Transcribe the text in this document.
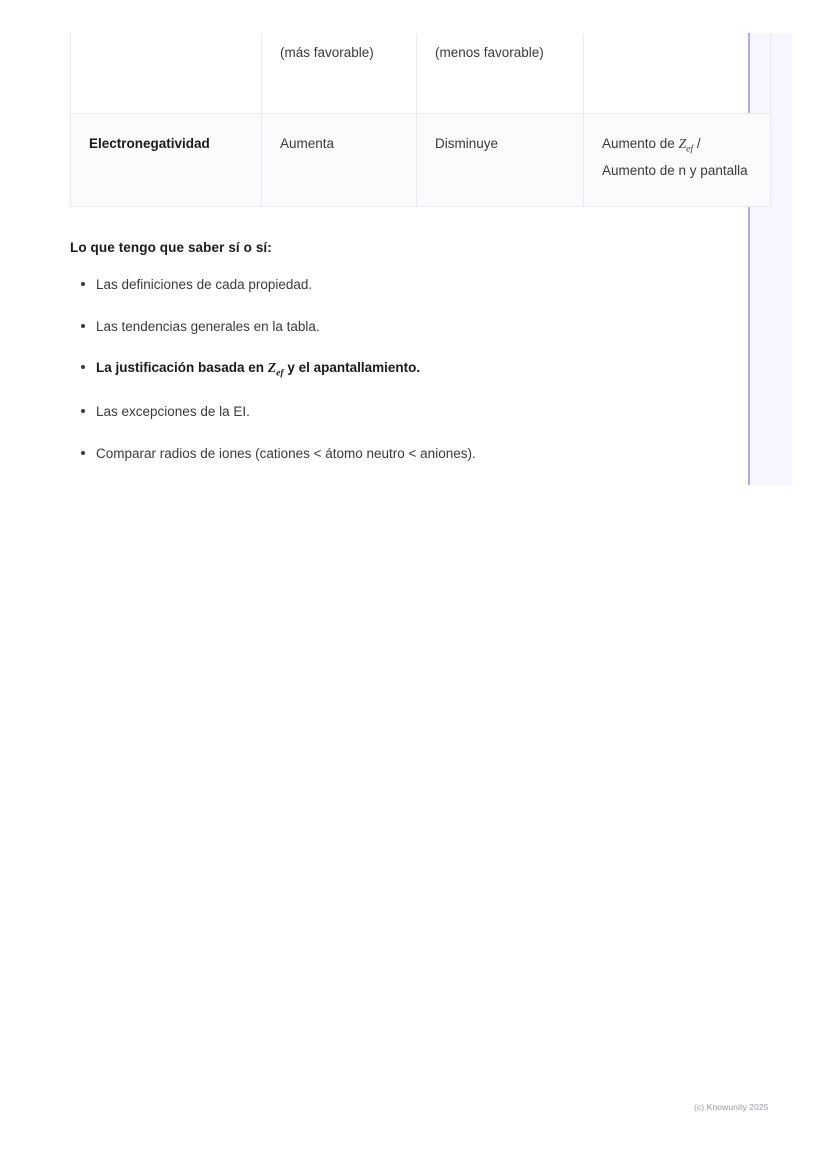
	(más favorable)	(menos favorable)	
Electronegatividad	Aumenta	Disminuye	Aumento de $Z_{ef}$ / Aumento de n y pantalla
Lo que tengo que saber sí o sí:
Las definiciones de cada propiedad.
Las tendencias generales en la tabla.
La justificación basada en $Z_{ef}$ y el apantallamiento.
Las excepciones de la EI.
Comparar radios de iones (cationes < átomo neutro < aniones).
(c) Knowunity 2025
